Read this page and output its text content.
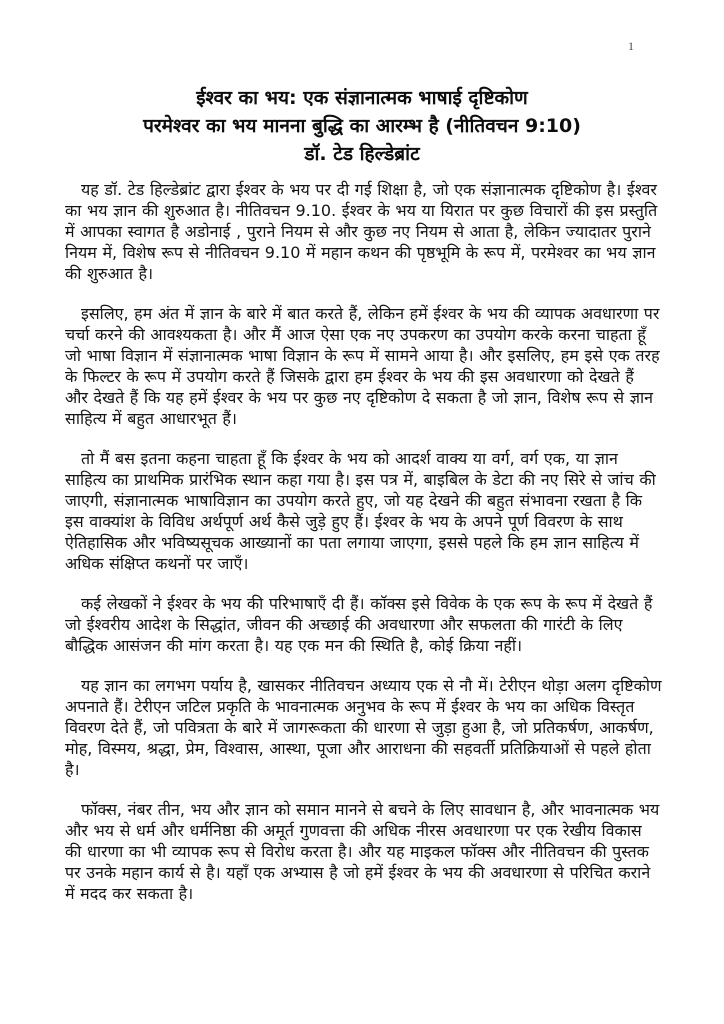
1
ईश्वर का भय: एक संज्ञानात्मक भाषाई दृष्टिकोण
परमेश्वर का भय मानना बुद्धि का आरम्भ है (नीतिवचन 9:10)
डॉ. टेड हिल्डेब्रांट

यह डॉ. टेड हिल्डेब्रांट द्वारा ईश्वर के भय पर दी गई शिक्षा है, जो एक संज्ञानात्मक दृष्टिकोण है। ईश्वर का भय ज्ञान की शुरुआत है। नीतिवचन 9.10. ईश्वर के भय या यिरात पर कुछ विचारों की इस प्रस्तुति में आपका स्वागत है अडोनाई , पुराने नियम से और कुछ नए नियम से आता है, लेकिन ज्यादातर पुराने नियम में, विशेष रूप से नीतिवचन 9.10 में महान कथन की पृष्ठभूमि के रूप में, परमेश्वर का भय ज्ञान की शुरुआत है।

इसलिए, हम अंत में ज्ञान के बारे में बात करते हैं, लेकिन हमें ईश्वर के भय की व्यापक अवधारणा पर चर्चा करने की आवश्यकता है। और मैं आज ऐसा एक नए उपकरण का उपयोग करके करना चाहता हूँ जो भाषा विज्ञान में संज्ञानात्मक भाषा विज्ञान के रूप में सामने आया है। और इसलिए, हम इसे एक तरह के फिल्टर के रूप में उपयोग करते हैं जिसके द्वारा हम ईश्वर के भय की इस अवधारणा को देखते हैं और देखते हैं कि यह हमें ईश्वर के भय पर कुछ नए दृष्टिकोण दे सकता है जो ज्ञान, विशेष रूप से ज्ञान साहित्य में बहुत आधारभूत हैं।

तो मैं बस इतना कहना चाहता हूँ कि ईश्वर के भय को आदर्श वाक्य या वर्ग, वर्ग एक, या ज्ञान साहित्य का प्राथमिक प्रारंभिक स्थान कहा गया है। इस पत्र में, बाइबिल के डेटा की नए सिरे से जांच की जाएगी, संज्ञानात्मक भाषाविज्ञान का उपयोग करते हुए, जो यह देखने की बहुत संभावना रखता है कि इस वाक्यांश के विविध अर्थपूर्ण अर्थ कैसे जुड़े हुए हैं। ईश्वर के भय के अपने पूर्ण विवरण के साथ ऐतिहासिक और भविष्यसूचक आख्यानों का पता लगाया जाएगा, इससे पहले कि हम ज्ञान साहित्य में अधिक संक्षिप्त कथनों पर जाएँ।

कई लेखकों ने ईश्वर के भय की परिभाषाएँ दी हैं। कॉक्स इसे विवेक के एक रूप के रूप में देखते हैं जो ईश्वरीय आदेश के सिद्धांत, जीवन की अच्छाई की अवधारणा और सफलता की गारंटी के लिए बौद्धिक आसंजन की मांग करता है। यह एक मन की स्थिति है, कोई क्रिया नहीं।

यह ज्ञान का लगभग पर्याय है, खासकर नीतिवचन अध्याय एक से नौ में। टेरीएन थोड़ा अलग दृष्टिकोण अपनाते हैं। टेरीएन जटिल प्रकृति के भावनात्मक अनुभव के रूप में ईश्वर के भय का अधिक विस्तृत विवरण देते हैं, जो पवित्रता के बारे में जागरूकता की धारणा से जुड़ा हुआ है, जो प्रतिकर्षण, आकर्षण, मोह, विस्मय, श्रद्धा, प्रेम, विश्वास, आस्था, पूजा और आराधना की सहवर्ती प्रतिक्रियाओं से पहले होता है।

फॉक्स, नंबर तीन, भय और ज्ञान को समान मानने से बचने के लिए सावधान है, और भावनात्मक भय और भय से धर्म और धर्मनिष्ठा की अमूर्त गुणवत्ता की अधिक नीरस अवधारणा पर एक रेखीय विकास की धारणा का भी व्यापक रूप से विरोध करता है। और यह माइकल फॉक्स और नीतिवचन की पुस्तक पर उनके महान कार्य से है। यहाँ एक अभ्यास है जो हमें ईश्वर के भय की अवधारणा से परिचित कराने में मदद कर सकता है।
